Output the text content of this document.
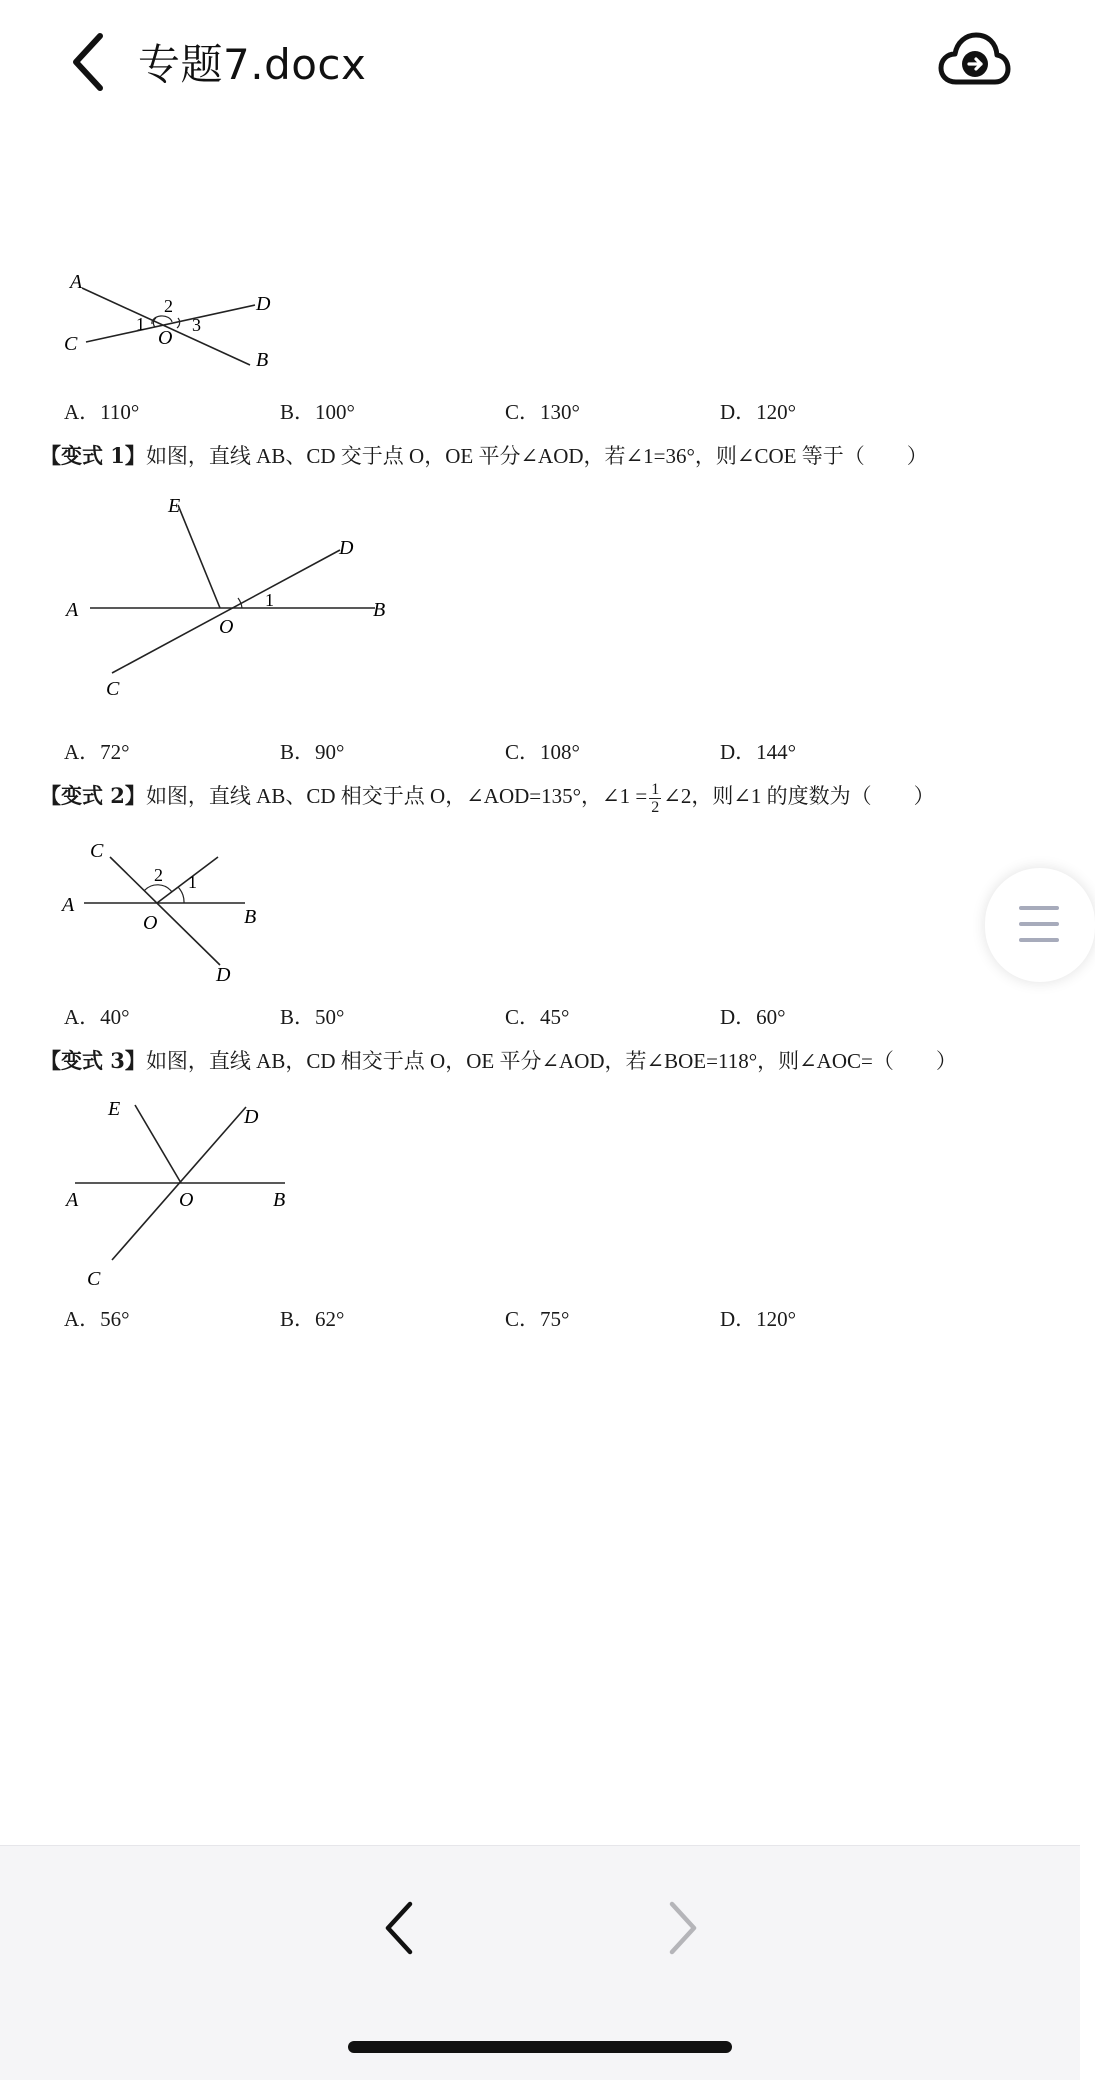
专题7.docx
A
B
C
D
O
1
2
3
A．110°	B．100°	C．130°	D．120°
【变式 1】如图，直线 AB、CD 交于点 O，OE 平分∠AOD，若∠1=36°，则∠COE 等于（　　）
A	B
C
D
E
O
1
A．72°	B．90°	C．108°	D．144°
【变式 2】如图，直线 AB、CD 相交于点 O，∠AOD=135°，∠1 = $\frac{1}{2}$ ∠2，则∠1 的度数为（　　）
A
B
C
D
O
1
2
A．40°	B．50°	C．45°	D．60°
【变式 3】如图，直线 AB，CD 相交于点 O，OE 平分∠AOD，若∠BOE=118°，则∠AOC=（　　）
A	B
C
D
E
O
A．56°	B．62°	C．75°	D．120°
